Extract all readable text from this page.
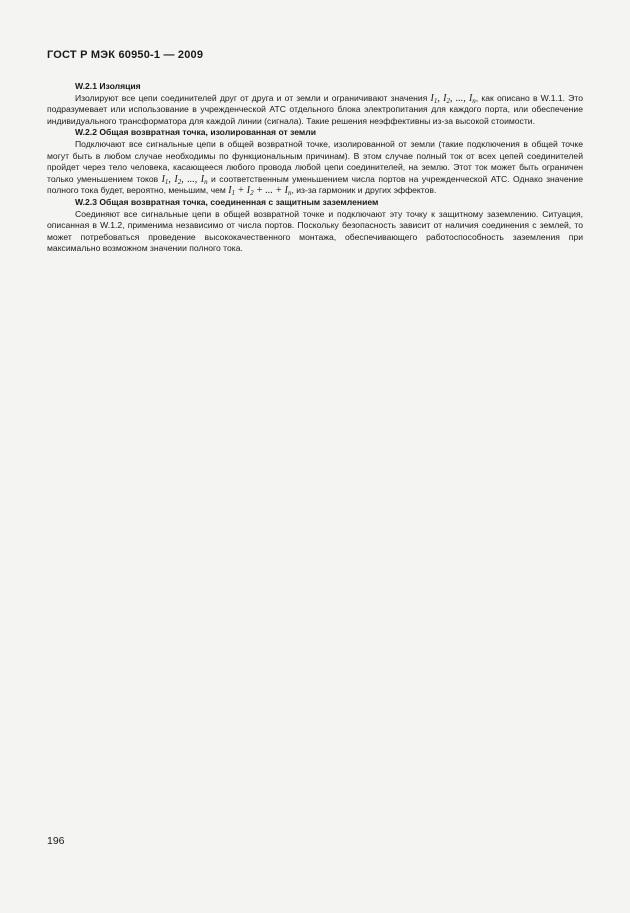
ГОСТ Р МЭК 60950-1 — 2009

W.2.1 Изоляция

Изолируют все цепи соединителей друг от друга и от земли и ограничивают значения $I_1$, $I_2$, ..., $I_n$, как описано в W.1.1. Это подразумевает или использование в учрежденческой АТС отдельного блока электропитания для каждого порта, или обеспечение индивидуального трансформатора для каждой линии (сигнала). Такие решения неэффективны из-за высокой стоимости.

W.2.2 Общая возвратная точка, изолированная от земли

Подключают все сигнальные цепи в общей возвратной точке, изолированной от земли (такие подключения в общей точке могут быть в любом случае необходимы по функциональным причинам). В этом случае полный ток от всех цепей соединителей пройдет через тело человека, касающееся любого провода любой цепи соединителей, на землю. Этот ток может быть ограничен только уменьшением токов $I_1$, $I_2$, ..., $I_n$ и соответственным уменьшением числа портов на учрежденческой АТС. Однако значение полного тока будет, вероятно, меньшим, чем $I_1 + I_2$ + ... + $I_n$, из-за гармоник и других эффектов.

W.2.3 Общая возвратная точка, соединенная с защитным заземлением

Соединяют все сигнальные цепи в общей возвратной точке и подключают эту точку к защитному заземлению. Ситуация, описанная в W.1.2, применима независимо от числа портов. Поскольку безопасность зависит от наличия соединения с землей, то может потребоваться проведение высококачественного монтажа, обеспечивающего работоспособность заземления при максимально возможном значении полного тока.

196
